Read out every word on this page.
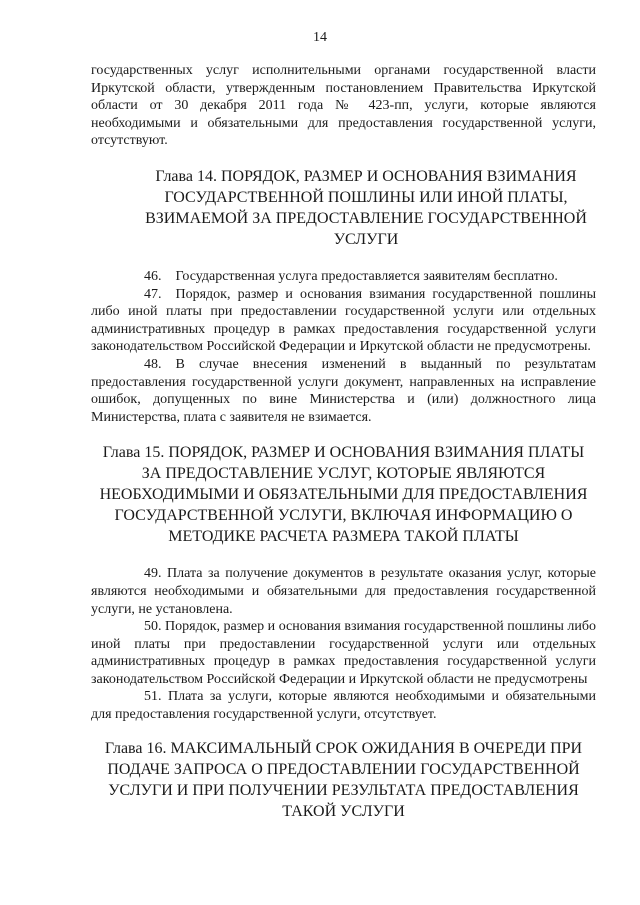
14

государственных услуг исполнительными органами государственной власти Иркутской области, утвержденным постановлением Правительства Иркутской области от 30 декабря 2011 года № 423-пп, услуги, которые являются необходимыми и обязательными для предоставления государственной услуги, отсутствуют.

Глава 14. ПОРЯДОК, РАЗМЕР И ОСНОВАНИЯ ВЗИМАНИЯ ГОСУДАРСТВЕННОЙ ПОШЛИНЫ ИЛИ ИНОЙ ПЛАТЫ, ВЗИМАЕМОЙ ЗА ПРЕДОСТАВЛЕНИЕ ГОСУДАРСТВЕННОЙ УСЛУГИ

46. Государственная услуга предоставляется заявителям бесплатно.

47. Порядок, размер и основания взимания государственной пошлины либо иной платы при предоставлении государственной услуги или отдельных административных процедур в рамках предоставления государственной услуги законодательством Российской Федерации и Иркутской области не предусмотрены.

48. В случае внесения изменений в выданный по результатам предоставления государственной услуги документ, направленных на исправление ошибок, допущенных по вине Министерства и (или) должностного лица Министерства, плата с заявителя не взимается.

Глава 15. ПОРЯДОК, РАЗМЕР И ОСНОВАНИЯ ВЗИМАНИЯ ПЛАТЫ ЗА ПРЕДОСТАВЛЕНИЕ УСЛУГ, КОТОРЫЕ ЯВЛЯЮТСЯ НЕОБХОДИМЫМИ И ОБЯЗАТЕЛЬНЫМИ ДЛЯ ПРЕДОСТАВЛЕНИЯ ГОСУДАРСТВЕННОЙ УСЛУГИ, ВКЛЮЧАЯ ИНФОРМАЦИЮ О МЕТОДИКЕ РАСЧЕТА РАЗМЕРА ТАКОЙ ПЛАТЫ

49. Плата за получение документов в результате оказания услуг, которые являются необходимыми и обязательными для предоставления государственной услуги, не установлена.

50. Порядок, размер и основания взимания государственной пошлины либо иной платы при предоставлении государственной услуги или отдельных административных процедур в рамках предоставления государственной услуги законодательством Российской Федерации и Иркутской области не предусмотрены

51. Плата за услуги, которые являются необходимыми и обязательными для предоставления государственной услуги, отсутствует.

Глава 16. МАКСИМАЛЬНЫЙ СРОК ОЖИДАНИЯ В ОЧЕРЕДИ ПРИ ПОДАЧЕ ЗАПРОСА О ПРЕДОСТАВЛЕНИИ ГОСУДАРСТВЕННОЙ УСЛУГИ И ПРИ ПОЛУЧЕНИИ РЕЗУЛЬТАТА ПРЕДОСТАВЛЕНИЯ ТАКОЙ УСЛУГИ
